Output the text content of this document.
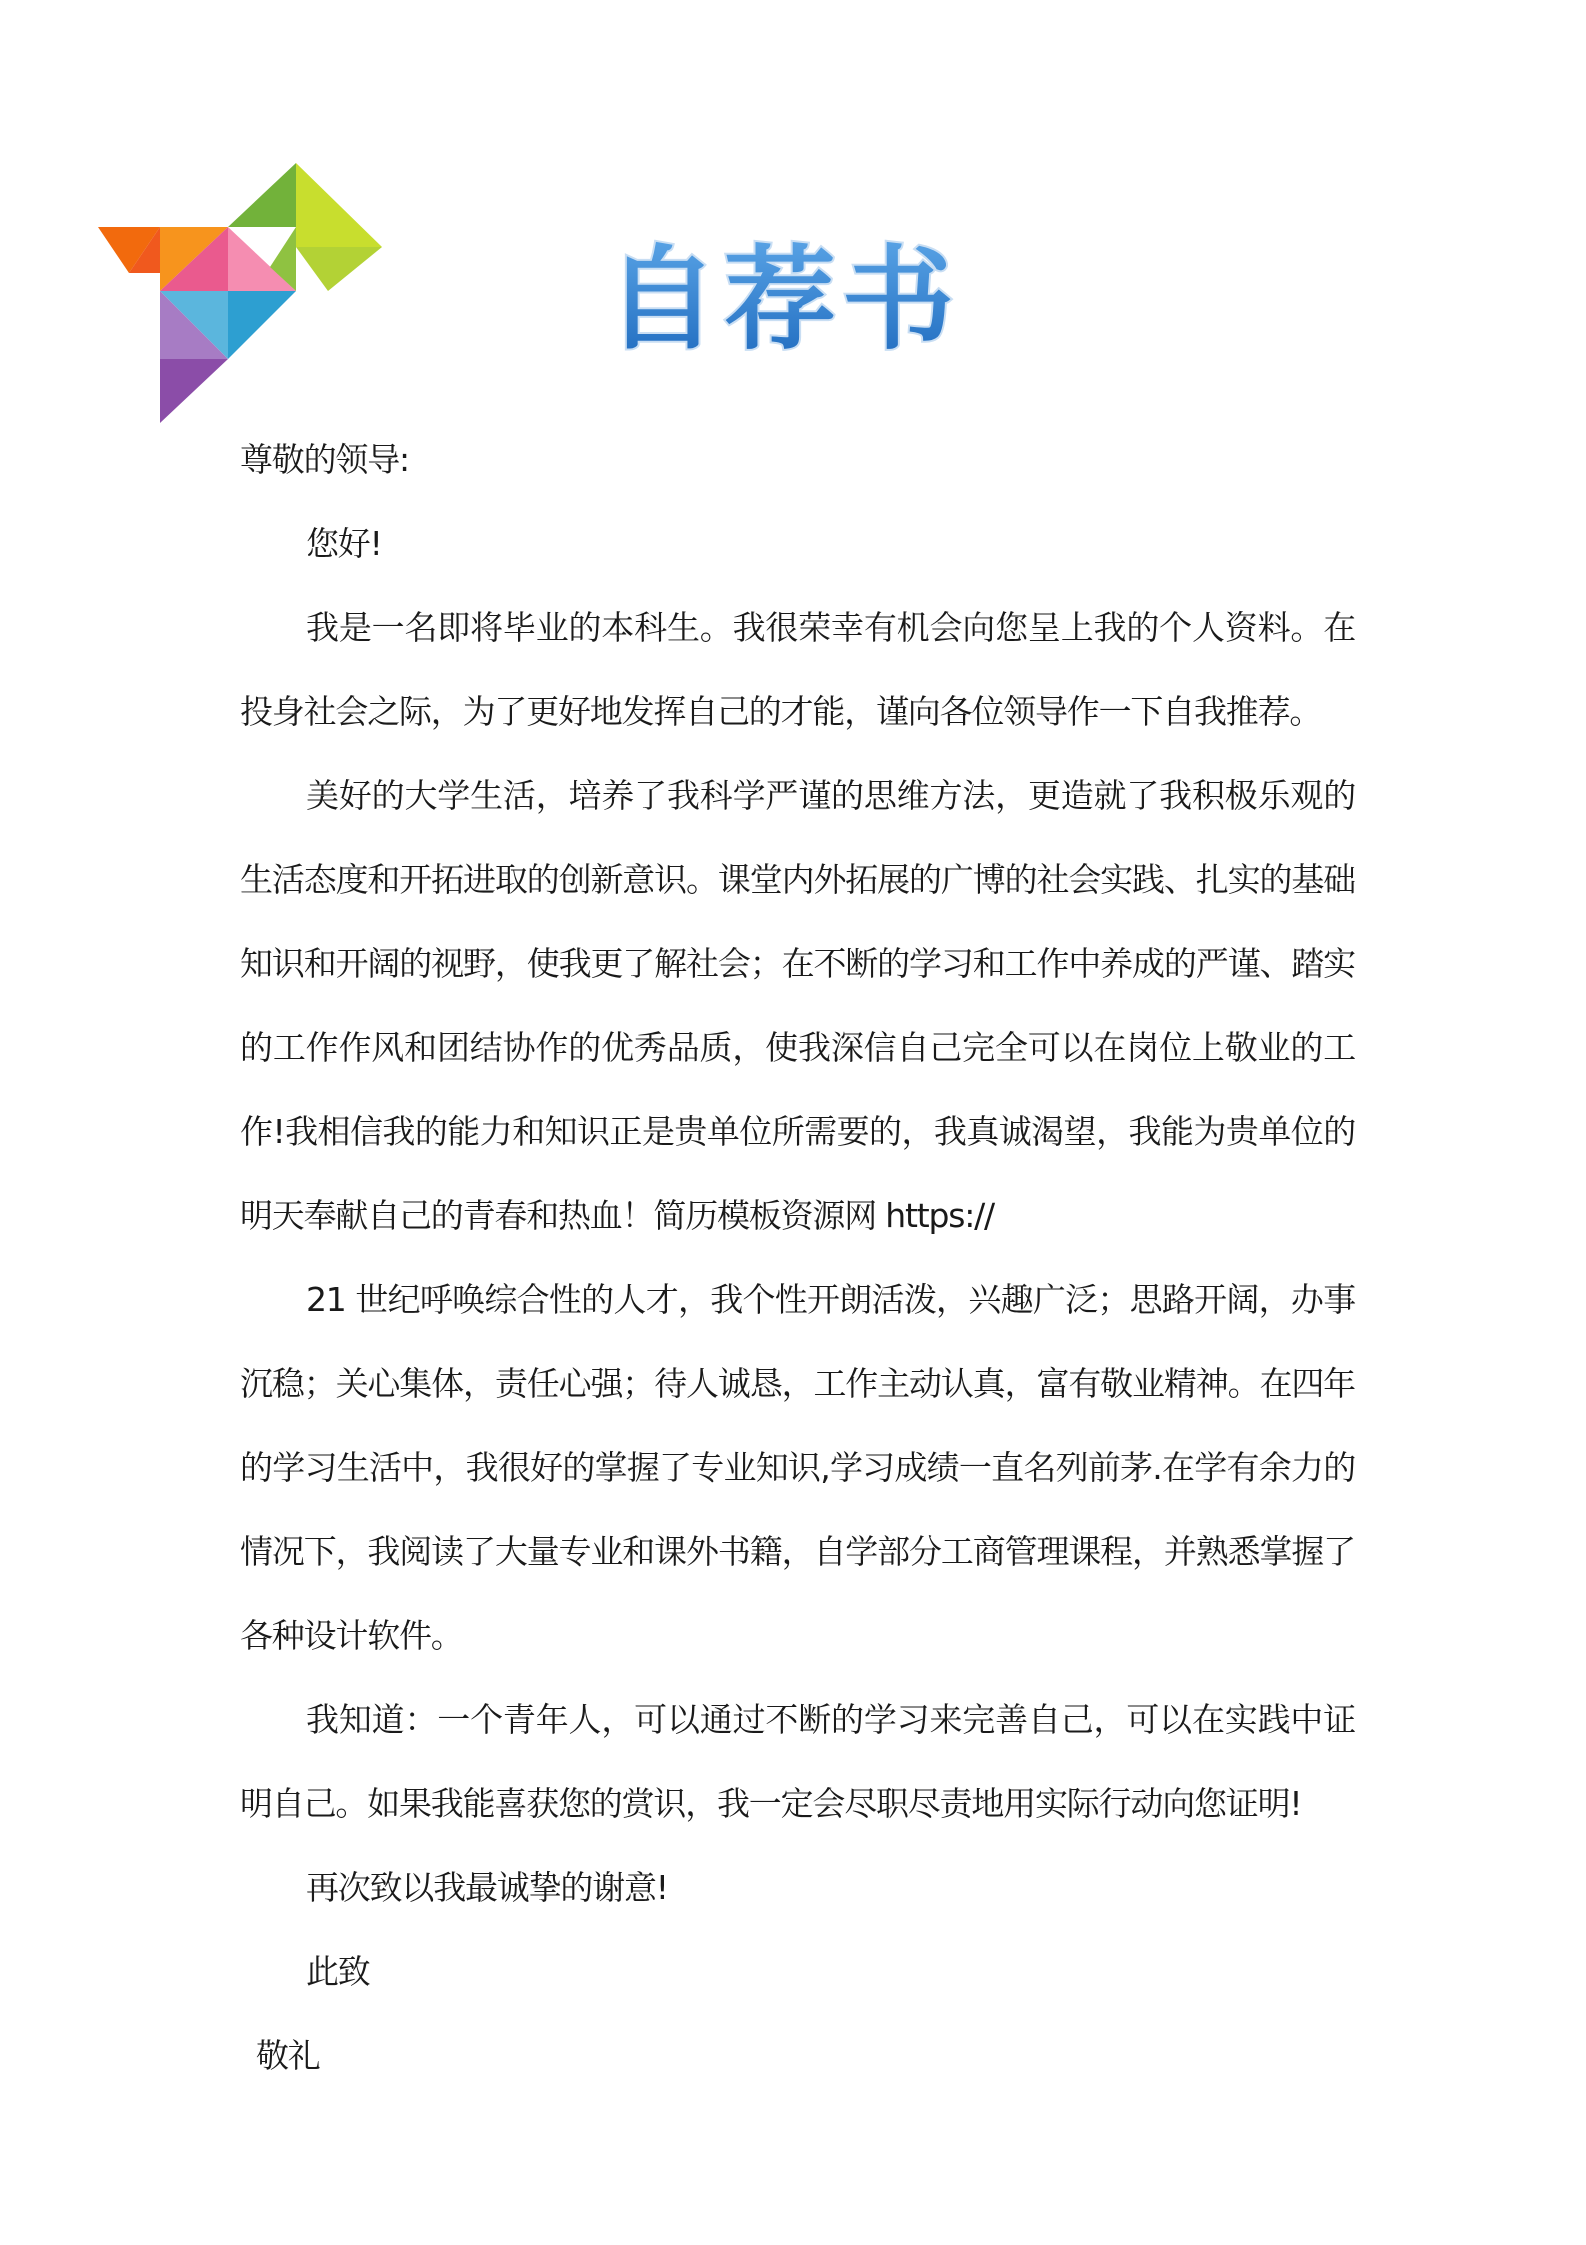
自荐书

尊敬的领导:

您好!

我是一名即将毕业的本科生。我很荣幸有机会向您呈上我的个人资料。在投身社会之际，为了更好地发挥自己的才能，谨向各位领导作一下自我推荐。

美好的大学生活，培养了我科学严谨的思维方法，更造就了我积极乐观的生活态度和开拓进取的创新意识。课堂内外拓展的广博的社会实践、扎实的基础知识和开阔的视野，使我更了解社会；在不断的学习和工作中养成的严谨、踏实的工作作风和团结协作的优秀品质，使我深信自己完全可以在岗位上敬业的工作!我相信我的能力和知识正是贵单位所需要的，我真诚渴望，我能为贵单位的明天奉献自己的青春和热血！简历模板资源网 https://

21 世纪呼唤综合性的人才，我个性开朗活泼，兴趣广泛；思路开阔，办事沉稳；关心集体，责任心强；待人诚恳，工作主动认真，富有敬业精神。在四年的学习生活中，我很好的掌握了专业知识,学习成绩一直名列前茅.在学有余力的情况下，我阅读了大量专业和课外书籍，自学部分工商管理课程，并熟悉掌握了各种设计软件。

我知道：一个青年人，可以通过不断的学习来完善自己，可以在实践中证明自己。如果我能喜获您的赏识，我一定会尽职尽责地用实际行动向您证明!

再次致以我最诚挚的谢意!

此致

敬礼
